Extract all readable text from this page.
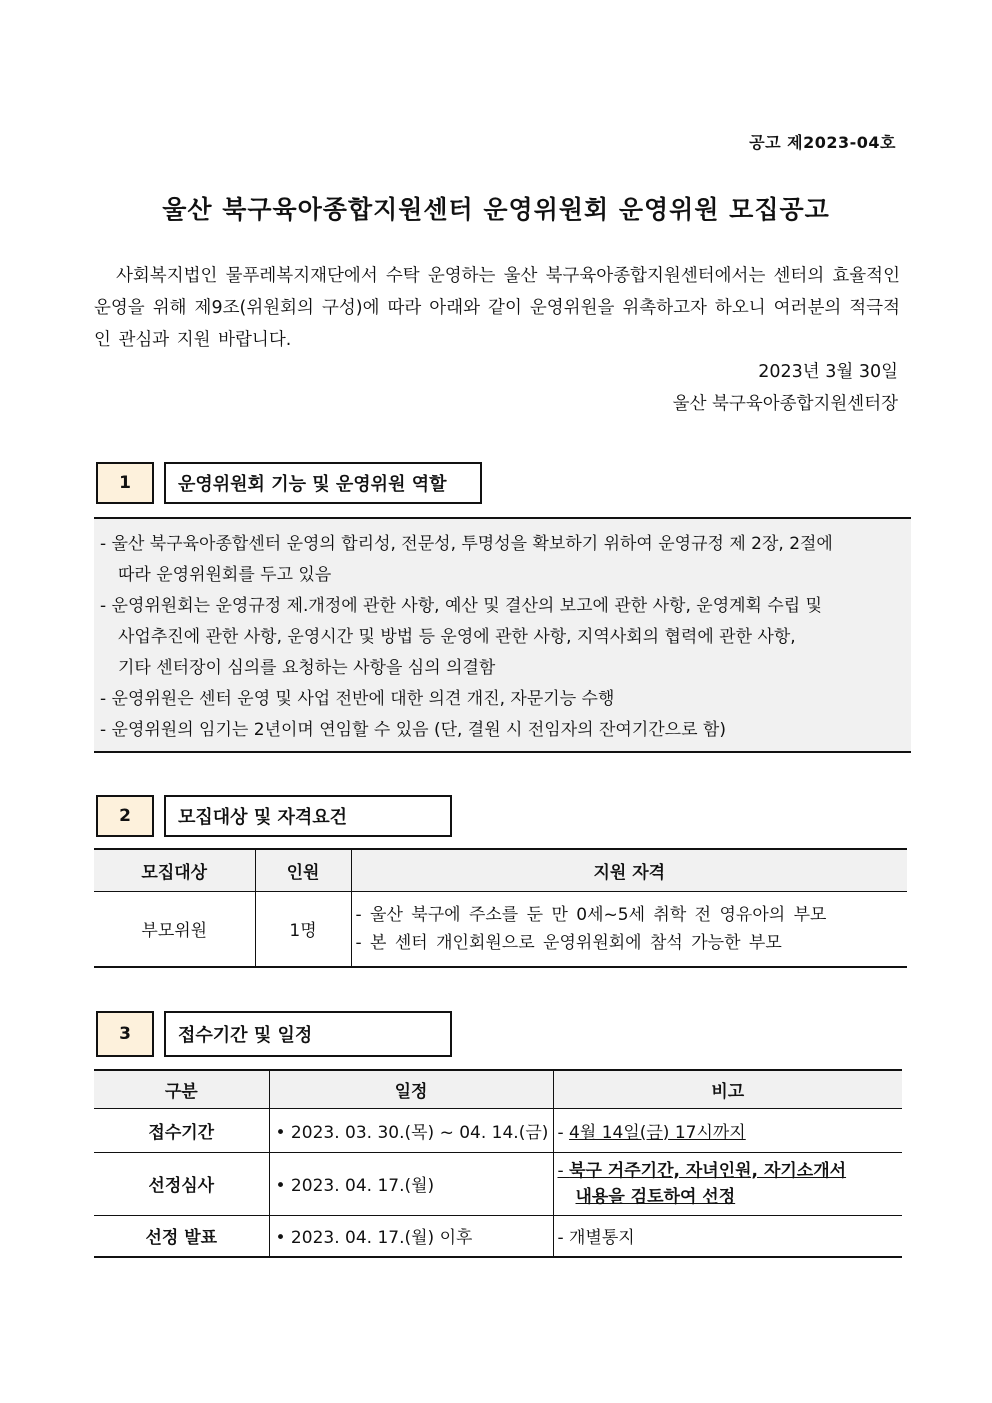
공고 제2023-04호
울산 북구육아종합지원센터 운영위원회 운영위원 모집공고
사회복지법인 물푸레복지재단에서 수탁 운영하는 울산 북구육아종합지원센터에서는 센터의 효율적인 운영을 위해 제9조(위원회의 구성)에 따라 아래와 같이 운영위원을 위촉하고자 하오니 여러분의 적극적인 관심과 지원 바랍니다.
2023년 3월 30일
울산 북구육아종합지원센터장
1	운영위원회 기능 및 운영위원 역할
- 울산 북구육아종합센터 운영의 합리성, 전문성, 투명성을 확보하기 위하여 운영규정 제 2장, 2절에
따라 운영위원회를 두고 있음
- 운영위원회는 운영규정 제.개정에 관한 사항, 예산 및 결산의 보고에 관한 사항, 운영계획 수립 및
사업추진에 관한 사항, 운영시간 및 방법 등 운영에 관한 사항, 지역사회의 협력에 관한 사항,
기타 센터장이 심의를 요청하는 사항을 심의 의결함
- 운영위원은 센터 운영 및 사업 전반에 대한 의견 개진, 자문기능 수행
- 운영위원의 임기는 2년이며 연임할 수 있음 (단, 결원 시 전임자의 잔여기간으로 함)
2	모집대상 및 자격요건
모집대상	인원	지원 자격
부모위원	1명	- 울산 북구에 주소를 둔 만 0세~5세 취학 전 영유아의 부모
- 본 센터 개인회원으로 운영위원회에 참석 가능한 부모
3	접수기간 및 일정
구분	일정	비고
접수기간	• 2023. 03. 30.(목) ~ 04. 14.(금)	- 4월 14일(금) 17시까지
선정심사	• 2023. 04. 17.(월)	- 북구 거주기간, 자녀인원, 자기소개서
내용을 검토하여 선정

선정 발표	• 2023. 04. 17.(월) 이후	- 개별통지
